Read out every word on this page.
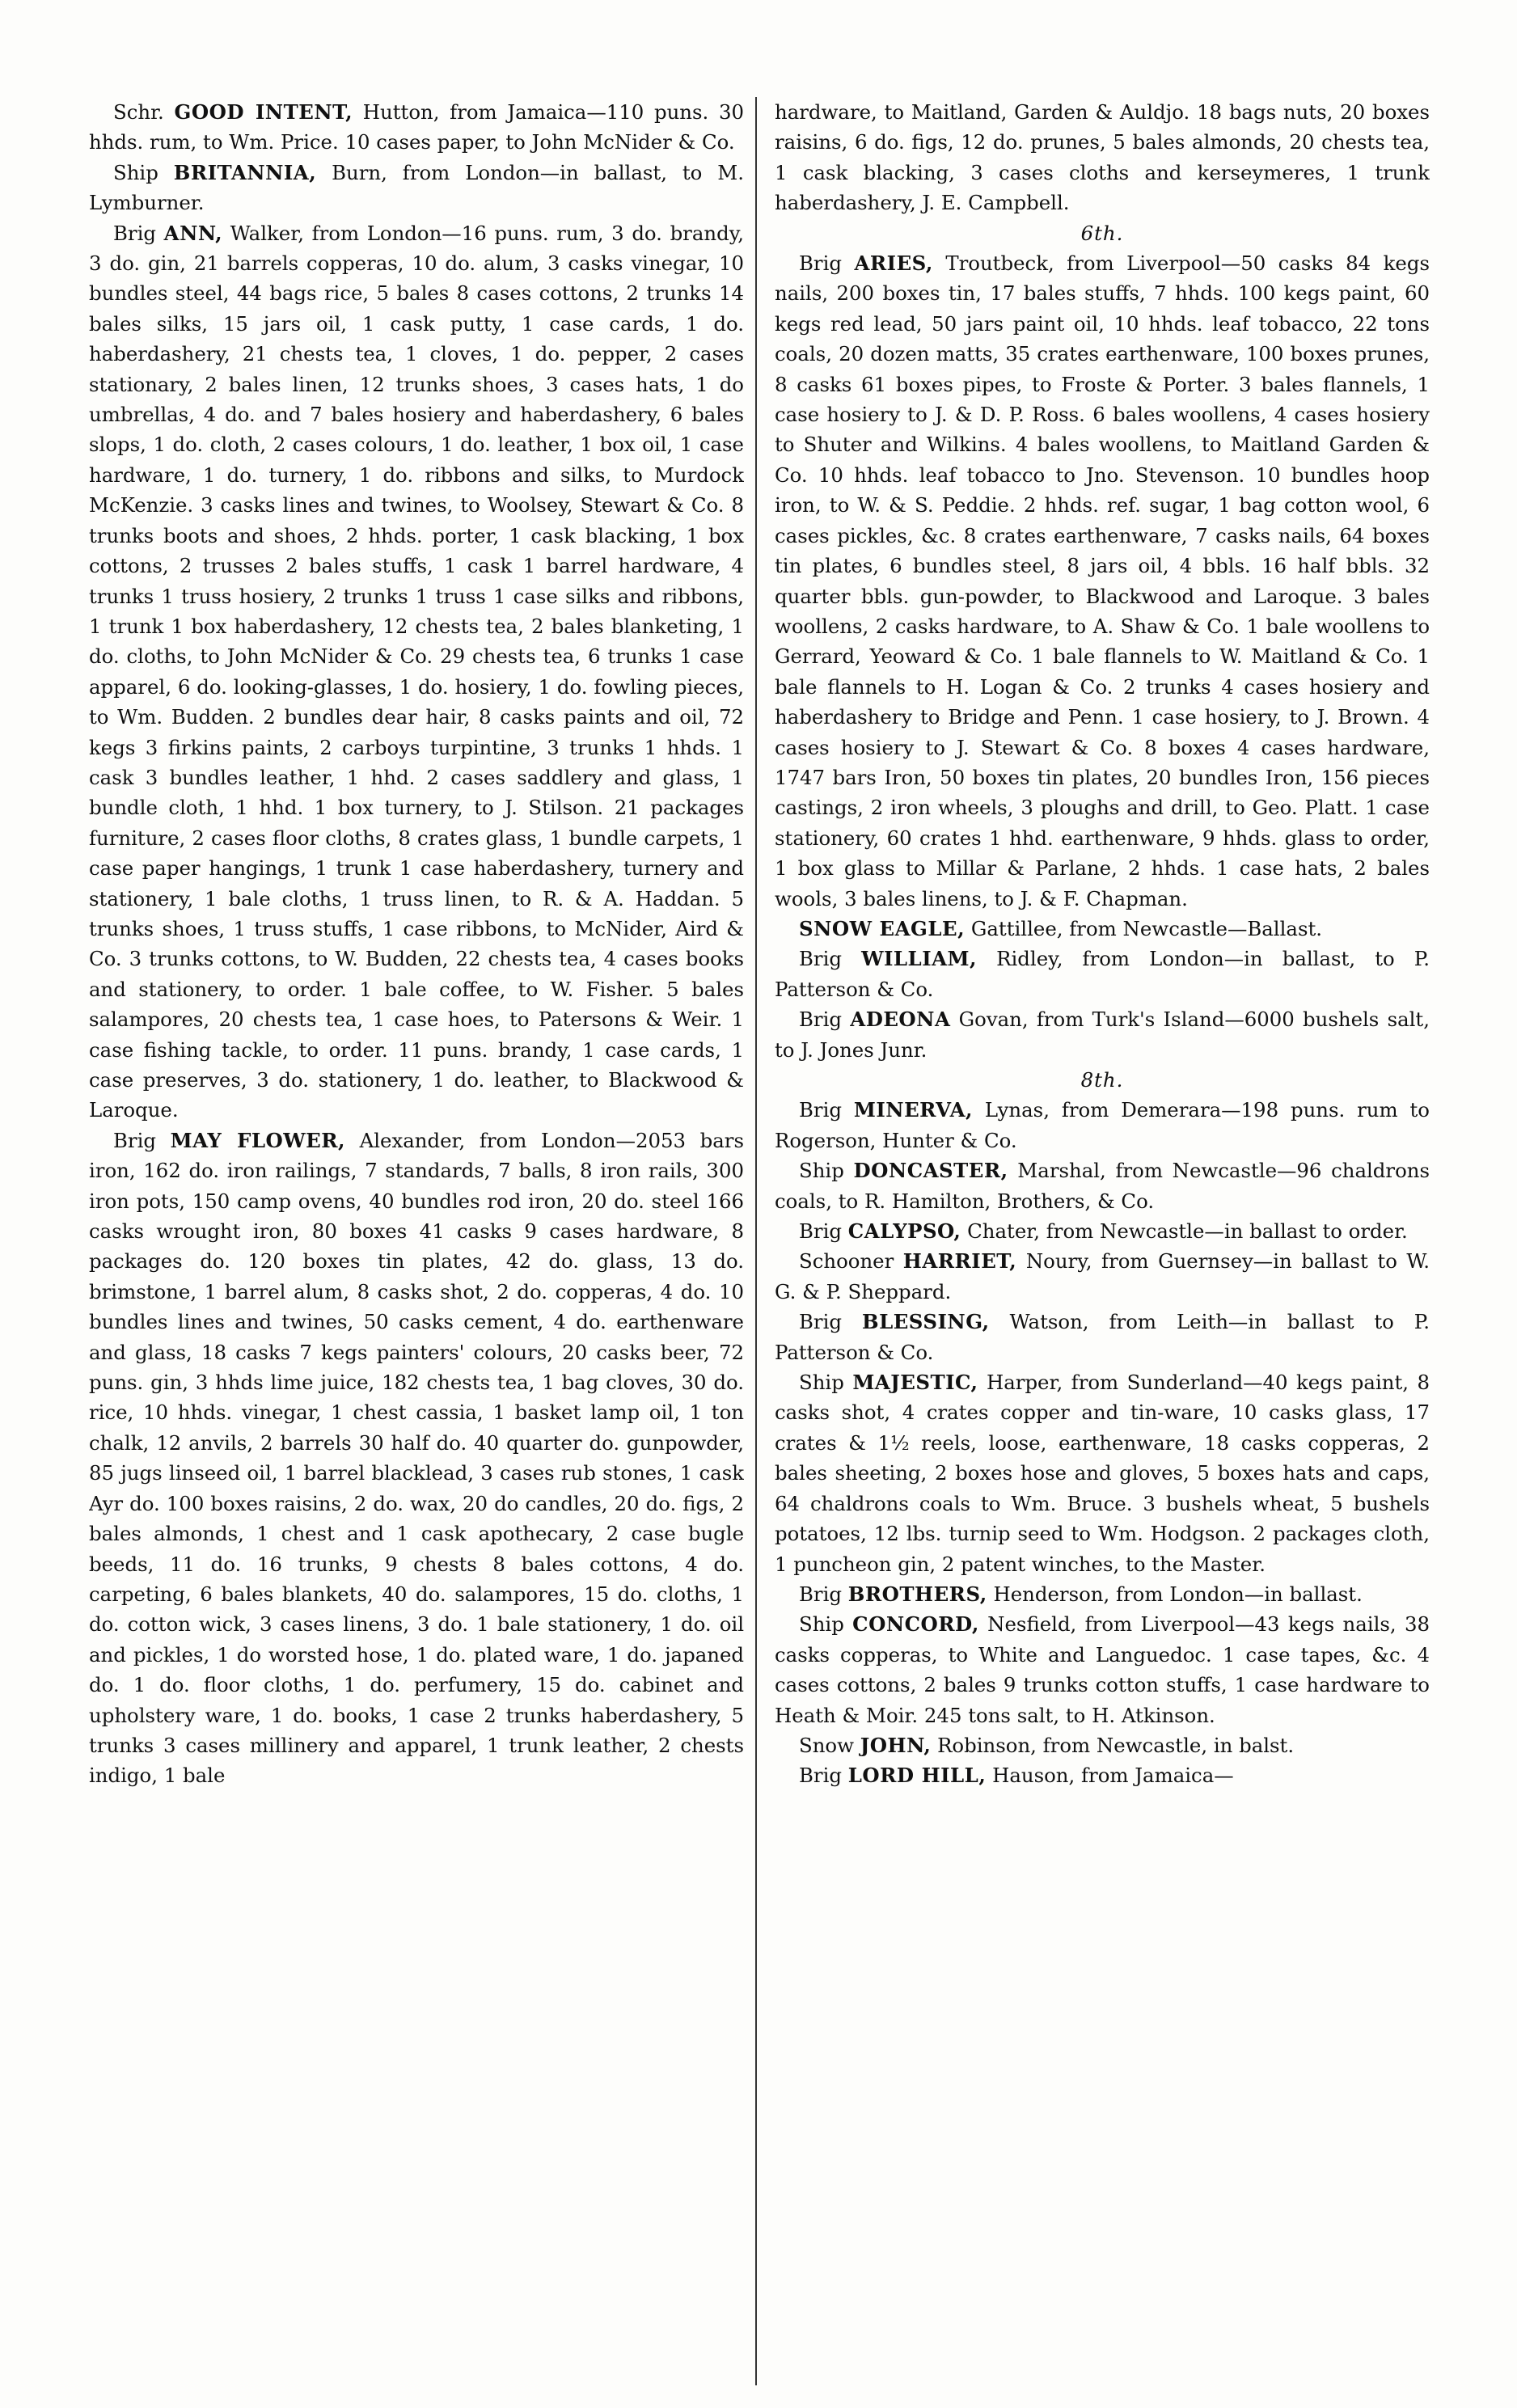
Schr. GOOD INTENT, Hutton, from Jamaica—110 puns. 30 hhds. rum, to Wm. Price. 10 cases paper, to John McNider & Co.

Ship BRITANNIA, Burn, from London—in ballast, to M. Lymburner.

Brig ANN, Walker, from London—16 puns. rum, 3 do. brandy, 3 do. gin, 21 barrels copperas, 10 do. alum, 3 casks vinegar, 10 bundles steel, 44 bags rice, 5 bales 8 cases cottons, 2 trunks 14 bales silks, 15 jars oil, 1 cask putty, 1 case cards, 1 do. haberdashery, 21 chests tea, 1 cloves, 1 do. pepper, 2 cases stationary, 2 bales linen, 12 trunks shoes, 3 cases hats, 1 do umbrellas, 4 do. and 7 bales hosiery and haberdashery, 6 bales slops, 1 do. cloth, 2 cases colours, 1 do. leather, 1 box oil, 1 case hardware, 1 do. turnery, 1 do. ribbons and silks, to Murdock McKenzie. 3 casks lines and twines, to Woolsey, Stewart & Co. 8 trunks boots and shoes, 2 hhds. porter, 1 cask blacking, 1 box cottons, 2 trusses 2 bales stuffs, 1 cask 1 barrel hardware, 4 trunks 1 truss hosiery, 2 trunks 1 truss 1 case silks and ribbons, 1 trunk 1 box haberdashery, 12 chests tea, 2 bales blanketing, 1 do. cloths, to John McNider & Co. 29 chests tea, 6 trunks 1 case apparel, 6 do. looking-glasses, 1 do. hosiery, 1 do. fowling pieces, to Wm. Budden. 2 bundles dear hair, 8 casks paints and oil, 72 kegs 3 firkins paints, 2 carboys turpintine, 3 trunks 1 hhds. 1 cask 3 bundles leather, 1 hhd. 2 cases saddlery and glass, 1 bundle cloth, 1 hhd. 1 box turnery, to J. Stilson. 21 packages furniture, 2 cases floor cloths, 8 crates glass, 1 bundle carpets, 1 case paper hangings, 1 trunk 1 case haberdashery, turnery and stationery, 1 bale cloths, 1 truss linen, to R. & A. Haddan. 5 trunks shoes, 1 truss stuffs, 1 case ribbons, to McNider, Aird & Co. 3 trunks cottons, to W. Budden, 22 chests tea, 4 cases books and stationery, to order. 1 bale coffee, to W. Fisher. 5 bales salampores, 20 chests tea, 1 case hoes, to Patersons & Weir. 1 case fishing tackle, to order. 11 puns. brandy, 1 case cards, 1 case preserves, 3 do. stationery, 1 do. leather, to Blackwood & Laroque.

Brig MAY FLOWER, Alexander, from London—2053 bars iron, 162 do. iron railings, 7 standards, 7 balls, 8 iron rails, 300 iron pots, 150 camp ovens, 40 bundles rod iron, 20 do. steel 166 casks wrought iron, 80 boxes 41 casks 9 cases hardware, 8 packages do. 120 boxes tin plates, 42 do. glass, 13 do. brimstone, 1 barrel alum, 8 casks shot, 2 do. copperas, 4 do. 10 bundles lines and twines, 50 casks cement, 4 do. earthenware and glass, 18 casks 7 kegs painters' colours, 20 casks beer, 72 puns. gin, 3 hhds lime juice, 182 chests tea, 1 bag cloves, 30 do. rice, 10 hhds. vinegar, 1 chest cassia, 1 basket lamp oil, 1 ton chalk, 12 anvils, 2 barrels 30 half do. 40 quarter do. gunpowder, 85 jugs linseed oil, 1 barrel blacklead, 3 cases rub stones, 1 cask Ayr do. 100 boxes raisins, 2 do. wax, 20 do candles, 20 do. figs, 2 bales almonds, 1 chest and 1 cask apothecary, 2 case bugle beeds, 11 do. 16 trunks, 9 chests 8 bales cottons, 4 do. carpeting, 6 bales blankets, 40 do. salampores, 15 do. cloths, 1 do. cotton wick, 3 cases linens, 3 do. 1 bale stationery, 1 do. oil and pickles, 1 do worsted hose, 1 do. plated ware, 1 do. japaned do. 1 do. floor cloths, 1 do. perfumery, 15 do. cabinet and upholstery ware, 1 do. books, 1 case 2 trunks haberdashery, 5 trunks 3 cases millinery and apparel, 1 trunk leather, 2 chests indigo, 1 bale

hardware, to Maitland, Garden & Auldjo. 18 bags nuts, 20 boxes raisins, 6 do. figs, 12 do. prunes, 5 bales almonds, 20 chests tea, 1 cask blacking, 3 cases cloths and kerseymeres, 1 trunk haberdashery, J. E. Campbell.

6th.

Brig ARIES, Troutbeck, from Liverpool—50 casks 84 kegs nails, 200 boxes tin, 17 bales stuffs, 7 hhds. 100 kegs paint, 60 kegs red lead, 50 jars paint oil, 10 hhds. leaf tobacco, 22 tons coals, 20 dozen matts, 35 crates earthenware, 100 boxes prunes, 8 casks 61 boxes pipes, to Froste & Porter. 3 bales flannels, 1 case hosiery to J. & D. P. Ross. 6 bales woollens, 4 cases hosiery to Shuter and Wilkins. 4 bales woollens, to Maitland Garden & Co. 10 hhds. leaf tobacco to Jno. Stevenson. 10 bundles hoop iron, to W. & S. Peddie. 2 hhds. ref. sugar, 1 bag cotton wool, 6 cases pickles, &c. 8 crates earthenware, 7 casks nails, 64 boxes tin plates, 6 bundles steel, 8 jars oil, 4 bbls. 16 half bbls. 32 quarter bbls. gun-powder, to Blackwood and Laroque. 3 bales woollens, 2 casks hardware, to A. Shaw & Co. 1 bale woollens to Gerrard, Yeoward & Co. 1 bale flannels to W. Maitland & Co. 1 bale flannels to H. Logan & Co. 2 trunks 4 cases hosiery and haberdashery to Bridge and Penn. 1 case hosiery, to J. Brown. 4 cases hosiery to J. Stewart & Co. 8 boxes 4 cases hardware, 1747 bars Iron, 50 boxes tin plates, 20 bundles Iron, 156 pieces castings, 2 iron wheels, 3 ploughs and drill, to Geo. Platt. 1 case stationery, 60 crates 1 hhd. earthenware, 9 hhds. glass to order, 1 box glass to Millar & Parlane, 2 hhds. 1 case hats, 2 bales wools, 3 bales linens, to J. & F. Chapman.

SNOW EAGLE, Gattillee, from Newcastle—Ballast.

Brig WILLIAM, Ridley, from London—in ballast, to P. Patterson & Co.

Brig ADEONA Govan, from Turk's Island—6000 bushels salt, to J. Jones Junr.

8th.

Brig MINERVA, Lynas, from Demerara—198 puns. rum to Rogerson, Hunter & Co.

Ship DONCASTER, Marshal, from Newcastle—96 chaldrons coals, to R. Hamilton, Brothers, & Co.

Brig CALYPSO, Chater, from Newcastle—in ballast to order.

Schooner HARRIET, Noury, from Guernsey—in ballast to W. G. & P. Sheppard.

Brig BLESSING, Watson, from Leith—in ballast to P. Patterson & Co.

Ship MAJESTIC, Harper, from Sunderland—40 kegs paint, 8 casks shot, 4 crates copper and tin-ware, 10 casks glass, 17 crates & 1½ reels, loose, earthenware, 18 casks copperas, 2 bales sheeting, 2 boxes hose and gloves, 5 boxes hats and caps, 64 chaldrons coals to Wm. Bruce. 3 bushels wheat, 5 bushels potatoes, 12 lbs. turnip seed to Wm. Hodgson. 2 packages cloth, 1 puncheon gin, 2 patent winches, to the Master.

Brig BROTHERS, Henderson, from London—in ballast.

Ship CONCORD, Nesfield, from Liverpool—43 kegs nails, 38 casks copperas, to White and Languedoc. 1 case tapes, &c. 4 cases cottons, 2 bales 9 trunks cotton stuffs, 1 case hardware to Heath & Moir. 245 tons salt, to H. Atkinson.

Snow JOHN, Robinson, from Newcastle, in balst.

Brig LORD HILL, Hauson, from Jamaica—
